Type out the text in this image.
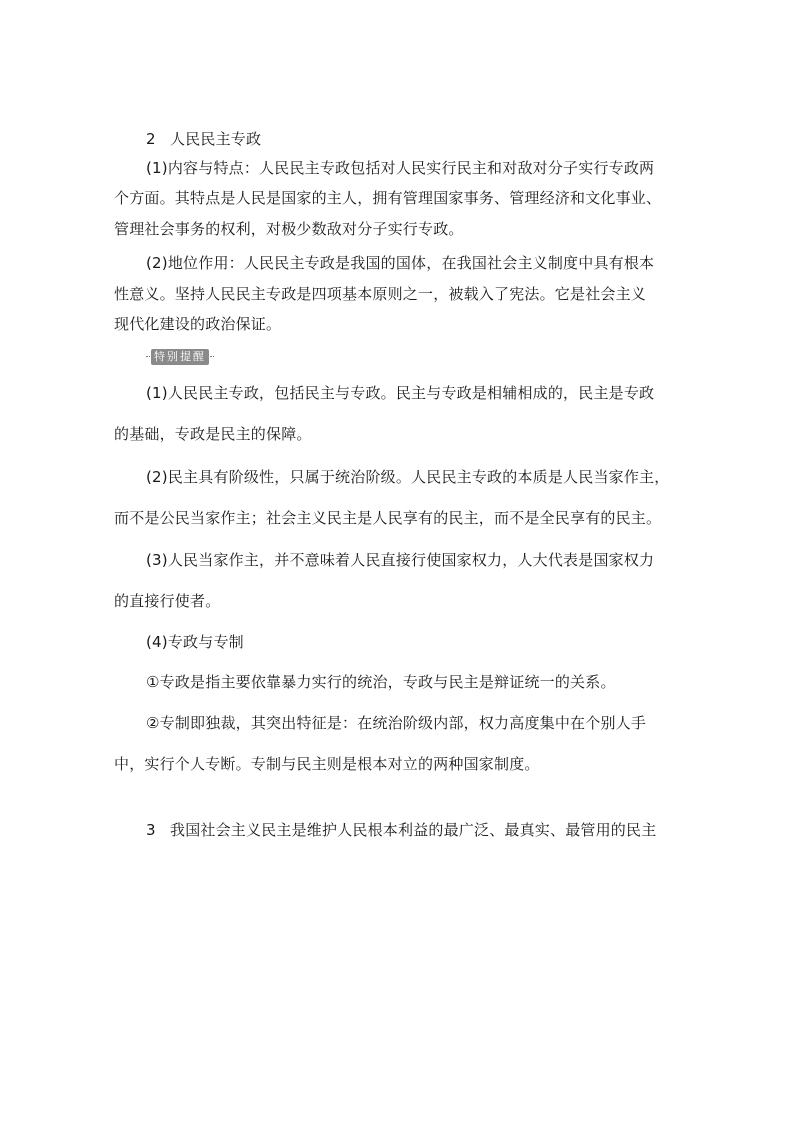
2 人民民主专政
(1)内容与特点：人民民主专政包括对人民实行民主和对敌对分子实行专政两
个方面。其特点是人民是国家的主人，拥有管理国家事务、管理经济和文化事业、
管理社会事务的权利，对极少数敌对分子实行专政。
(2)地位作用：人民民主专政是我国的国体，在我国社会主义制度中具有根本
性意义。坚持人民民主专政是四项基本原则之一，被载入了宪法。它是社会主义
现代化建设的政治保证。
特别提醒
(1)人民民主专政，包括民主与专政。民主与专政是相辅相成的，民主是专政
的基础，专政是民主的保障。
(2)民主具有阶级性，只属于统治阶级。人民民主专政的本质是人民当家作主，
而不是公民当家作主；社会主义民主是人民享有的民主，而不是全民享有的民主。
(3)人民当家作主，并不意味着人民直接行使国家权力，人大代表是国家权力
的直接行使者。
(4)专政与专制
①专政是指主要依靠暴力实行的统治，专政与民主是辩证统一的关系。
②专制即独裁，其突出特征是：在统治阶级内部，权力高度集中在个别人手
中，实行个人专断。专制与民主则是根本对立的两种国家制度。
3 我国社会主义民主是维护人民根本利益的最广泛、最真实、最管用的民主
